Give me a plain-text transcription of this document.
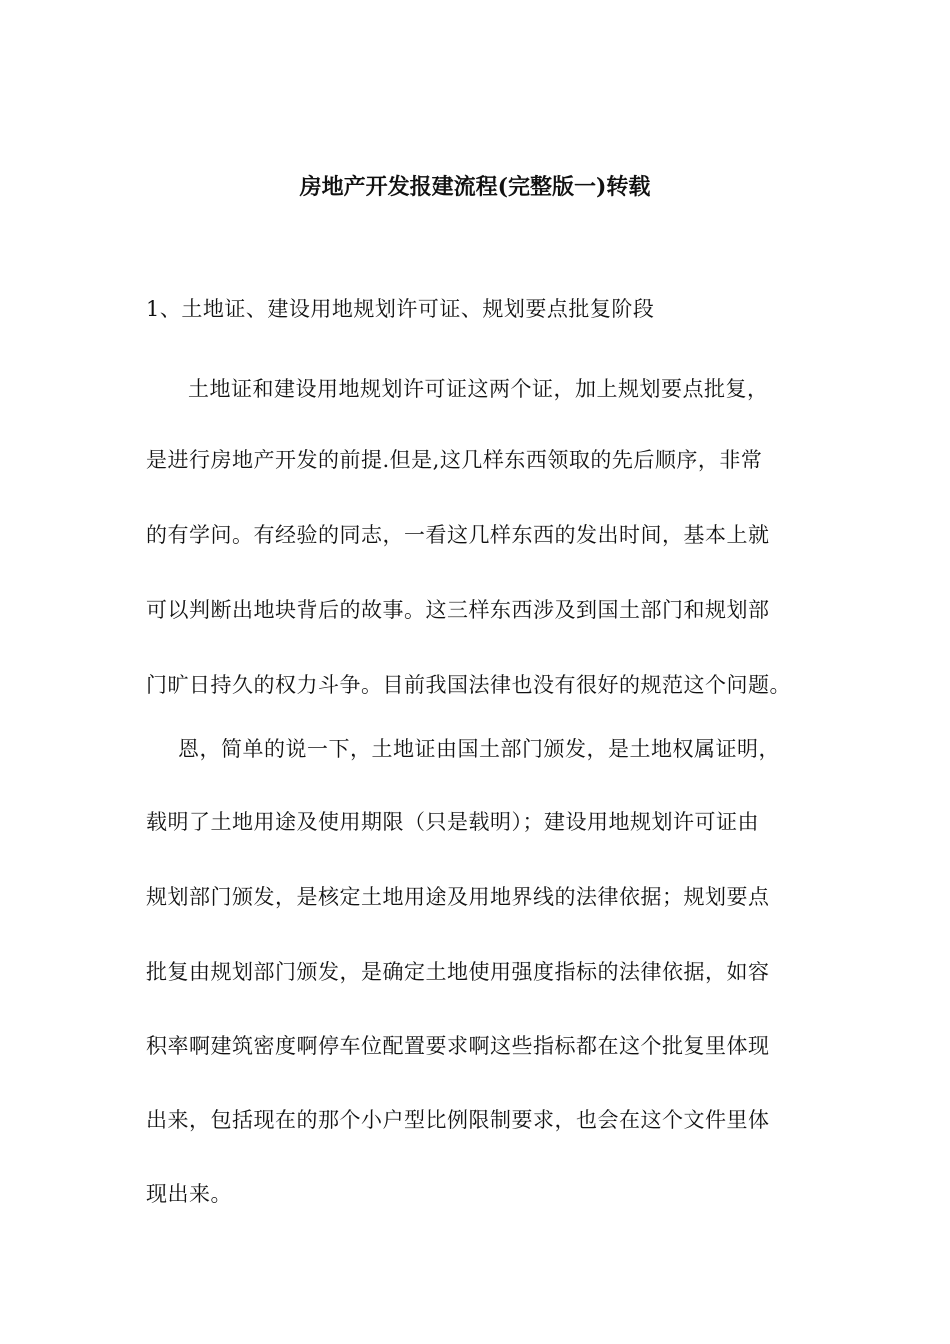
房地产开发报建流程(完整版一)转载
1、土地证、建设用地规划许可证、规划要点批复阶段
土地证和建设用地规划许可证这两个证，加上规划要点批复，
是进行房地产开发的前提.但是,这几样东西领取的先后顺序，非常
的有学问。有经验的同志，一看这几样东西的发出时间，基本上就
可以判断出地块背后的故事。这三样东西涉及到国土部门和规划部
门旷日持久的权力斗争。目前我国法律也没有很好的规范这个问题。
恩，简单的说一下，土地证由国土部门颁发，是土地权属证明，
载明了土地用途及使用期限（只是载明）；建设用地规划许可证由
规划部门颁发，是核定土地用途及用地界线的法律依据；规划要点
批复由规划部门颁发，是确定土地使用强度指标的法律依据，如容
积率啊建筑密度啊停车位配置要求啊这些指标都在这个批复里体现
出来，包括现在的那个小户型比例限制要求，也会在这个文件里体
现出来。
